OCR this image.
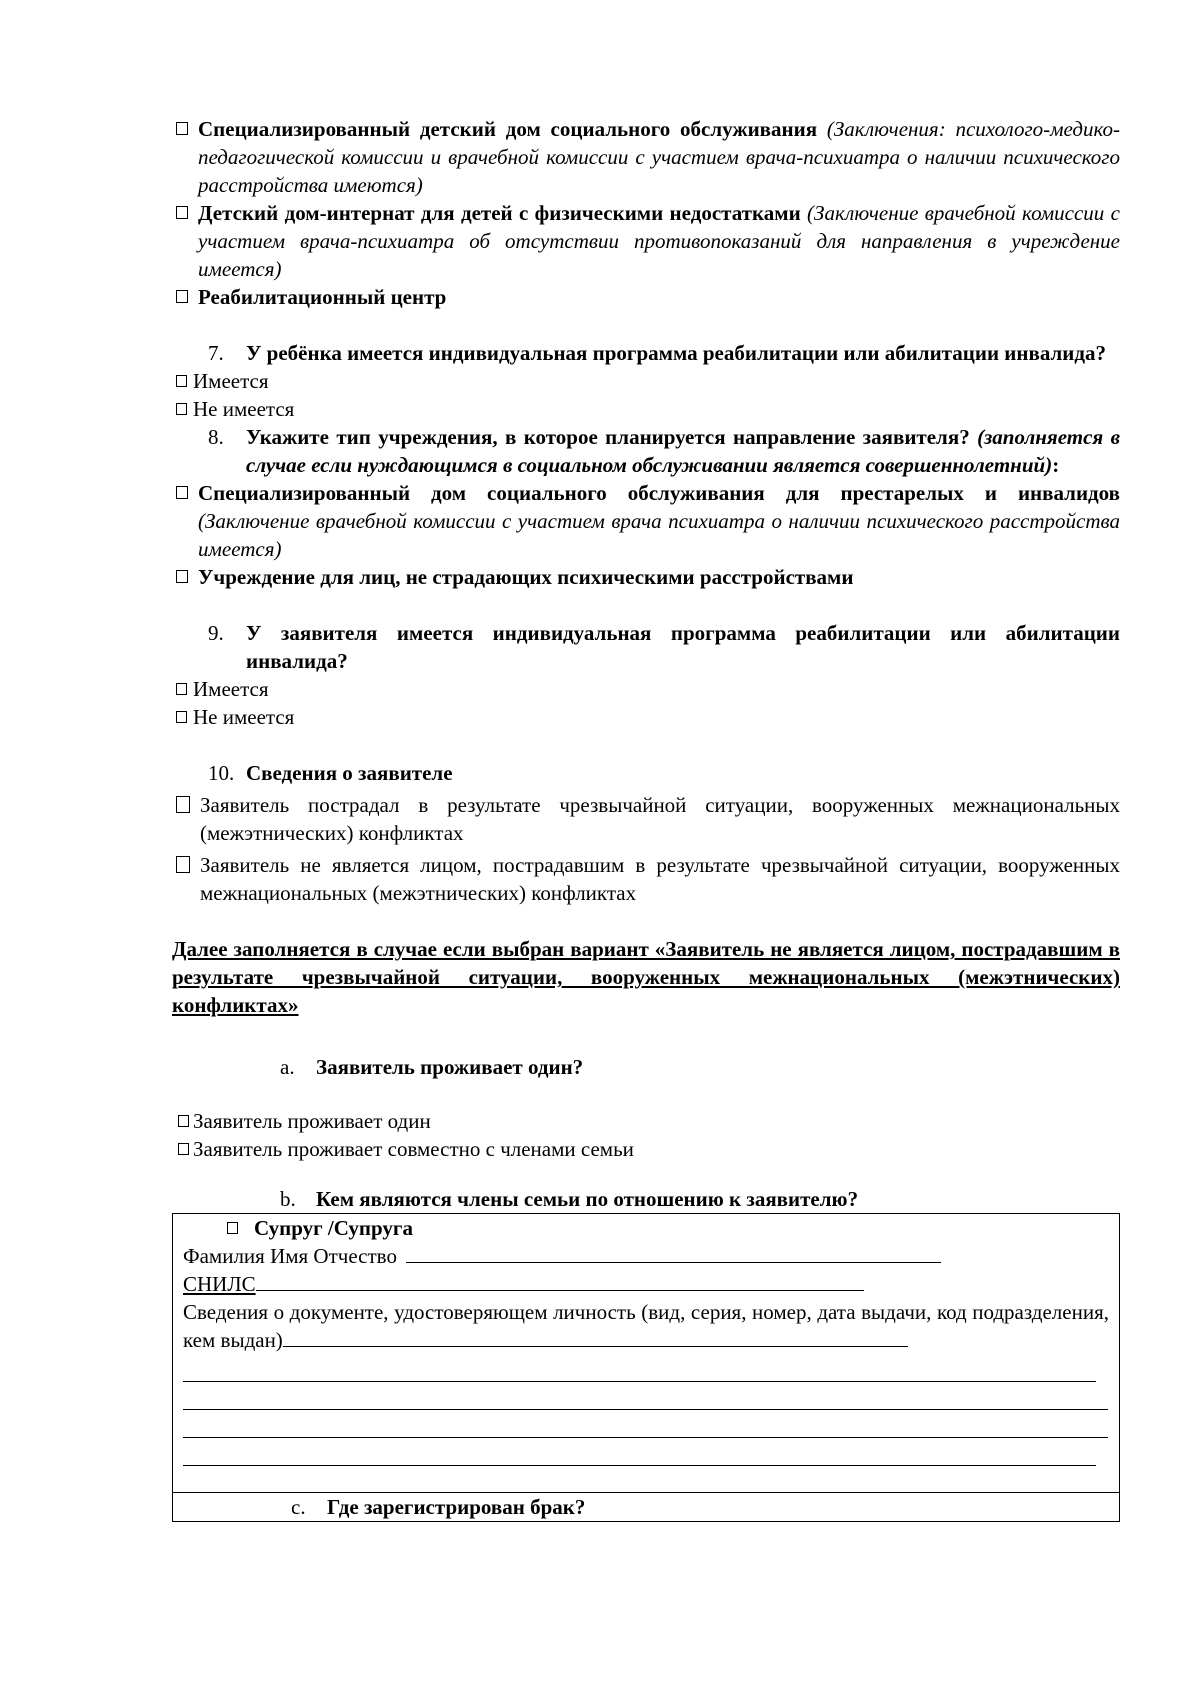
Специализированный детский дом социального обслуживания (Заключения: психолого-медико-педагогической комиссии и врачебной комиссии с участием врача-психиатра о наличии психического расстройства имеются)
Детский дом-интернат для детей с физическими недостатками (Заключение врачебной комиссии с участием врача-психиатра об отсутствии противопоказаний для направления в учреждение имеется)
Реабилитационный центр
7.	У ребёнка имеется индивидуальная программа реабилитации или абилитации инвалида?
Имеется
Не имеется
8.	Укажите тип учреждения, в которое планируется направление заявителя? (заполняется в случае если нуждающимся в социальном обслуживании является совершеннолетний):
Специализированный дом социального обслуживания для престарелых и инвалидов (Заключение врачебной комиссии с участием врача психиатра о наличии психического расстройства имеется)
Учреждение для лиц, не страдающих психическими расстройствами
9.	У заявителя имеется индивидуальная программа реабилитации или абилитации инвалида?
Имеется
Не имеется
10. Сведения о заявителе
Заявитель пострадал в результате чрезвычайной ситуации, вооруженных межнациональных (межэтнических) конфликтах
Заявитель не является лицом, пострадавшим в результате чрезвычайной ситуации, вооруженных межнациональных (межэтнических) конфликтах
Далее заполняется в случае если выбран вариант «Заявитель не является лицом, пострадавшим в результате чрезвычайной ситуации, вооруженных межнациональных (межэтнических) конфликтах»
a.	Заявитель проживает один?
Заявитель проживает один
Заявитель проживает совместно с членами семьи
b. Кем являются члены семьи по отношению к заявителю?
Супруг /Супруга
Фамилия Имя Отчество
СНИЛС
Сведения о документе, удостоверяющем личность (вид, серия, номер, дата выдачи, код подразделения, кем выдан)

c.	Где зарегистрирован брак?
